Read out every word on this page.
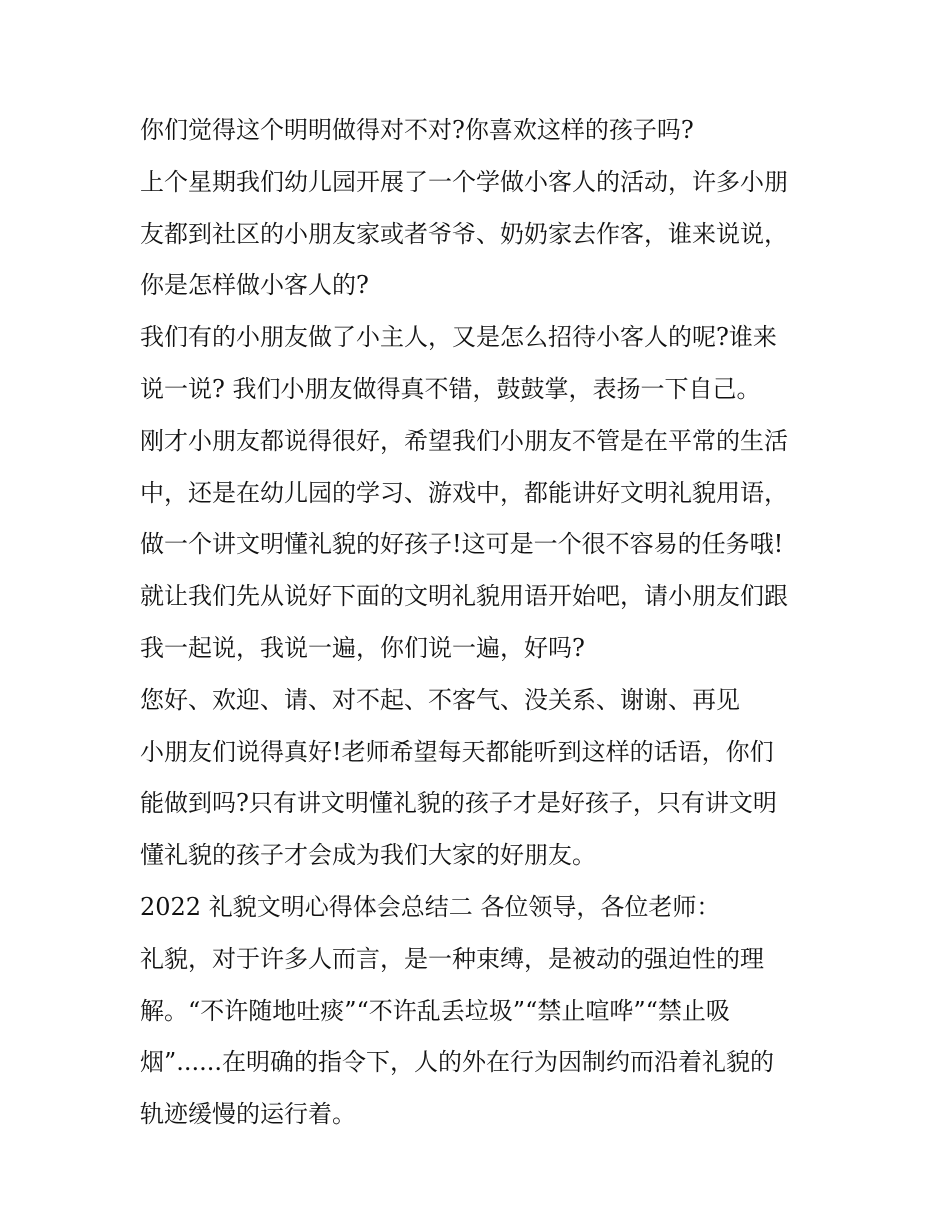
你们觉得这个明明做得对不对?你喜欢这样的孩子吗?
上个星期我们幼儿园开展了一个学做小客人的活动，许多小朋
友都到社区的小朋友家或者爷爷、奶奶家去作客，谁来说说，
你是怎样做小客人的?
我们有的小朋友做了小主人，又是怎么招待小客人的呢?谁来
说一说? 我们小朋友做得真不错，鼓鼓掌，表扬一下自己。
刚才小朋友都说得很好，希望我们小朋友不管是在平常的生活
中，还是在幼儿园的学习、游戏中，都能讲好文明礼貌用语，
做一个讲文明懂礼貌的好孩子!这可是一个很不容易的任务哦!
就让我们先从说好下面的文明礼貌用语开始吧，请小朋友们跟
我一起说，我说一遍，你们说一遍，好吗?
您好、欢迎、请、对不起、不客气、没关系、谢谢、再见
小朋友们说得真好!老师希望每天都能听到这样的话语，你们
能做到吗?只有讲文明懂礼貌的孩子才是好孩子，只有讲文明
懂礼貌的孩子才会成为我们大家的好朋友。
2022 礼貌文明心得体会总结二 各位领导，各位老师：
礼貌，对于许多人而言，是一种束缚，是被动的强迫性的理
解。“不许随地吐痰”“不许乱丢垃圾”“禁止喧哗”“禁止吸
烟”......在明确的指令下，人的外在行为因制约而沿着礼貌的
轨迹缓慢的运行着。
